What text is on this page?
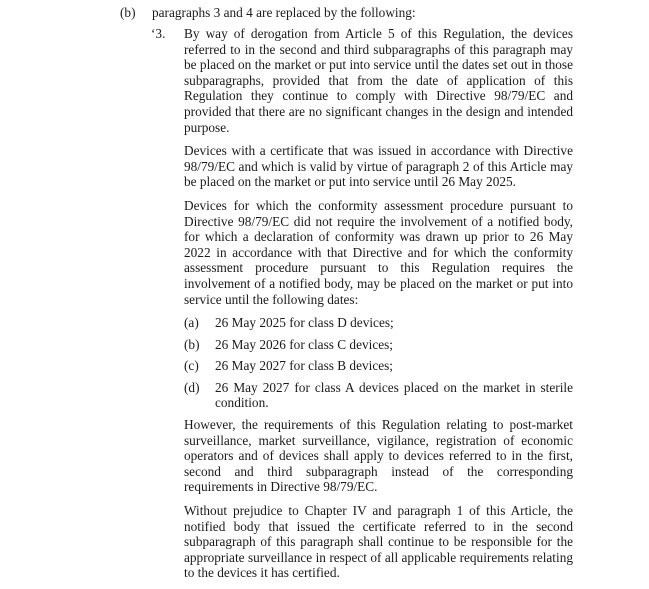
(b) paragraphs 3 and 4 are replaced by the following:
‘3. By way of derogation from Article 5 of this Regulation, the devices referred to in the second and third subparagraphs of this paragraph may be placed on the market or put into service until the dates set out in those subparagraphs, provided that from the date of application of this Regulation they continue to comply with Directive 98/79/EC and provided that there are no significant changes in the design and intended purpose.

Devices with a certificate that was issued in accordance with Directive 98/79/EC and which is valid by virtue of paragraph 2 of this Article may be placed on the market or put into service until 26 May 2025.

Devices for which the conformity assessment procedure pursuant to Directive 98/79/EC did not require the involvement of a notified body, for which a declaration of conformity was drawn up prior to 26 May 2022 in accordance with that Directive and for which the conformity assessment procedure pursuant to this Regulation requires the involvement of a notified body, may be placed on the market or put into service until the following dates:

(a)	26 May 2025 for class D devices;
(b)	26 May 2026 for class C devices;
(c)	26 May 2027 for class B devices;
(d)	26 May 2027 for class A devices placed on the market in sterile condition.

However, the requirements of this Regulation relating to post-market surveillance, market surveillance, vigilance, registration of economic operators and of devices shall apply to devices referred to in the first, second and third subparagraph instead of the corresponding requirements in Directive 98/79/EC.

Without prejudice to Chapter IV and paragraph 1 of this Article, the notified body that issued the certificate referred to in the second subparagraph of this paragraph shall continue to be responsible for the appropriate surveillance in respect of all applicable requirements relating to the devices it has certified.
